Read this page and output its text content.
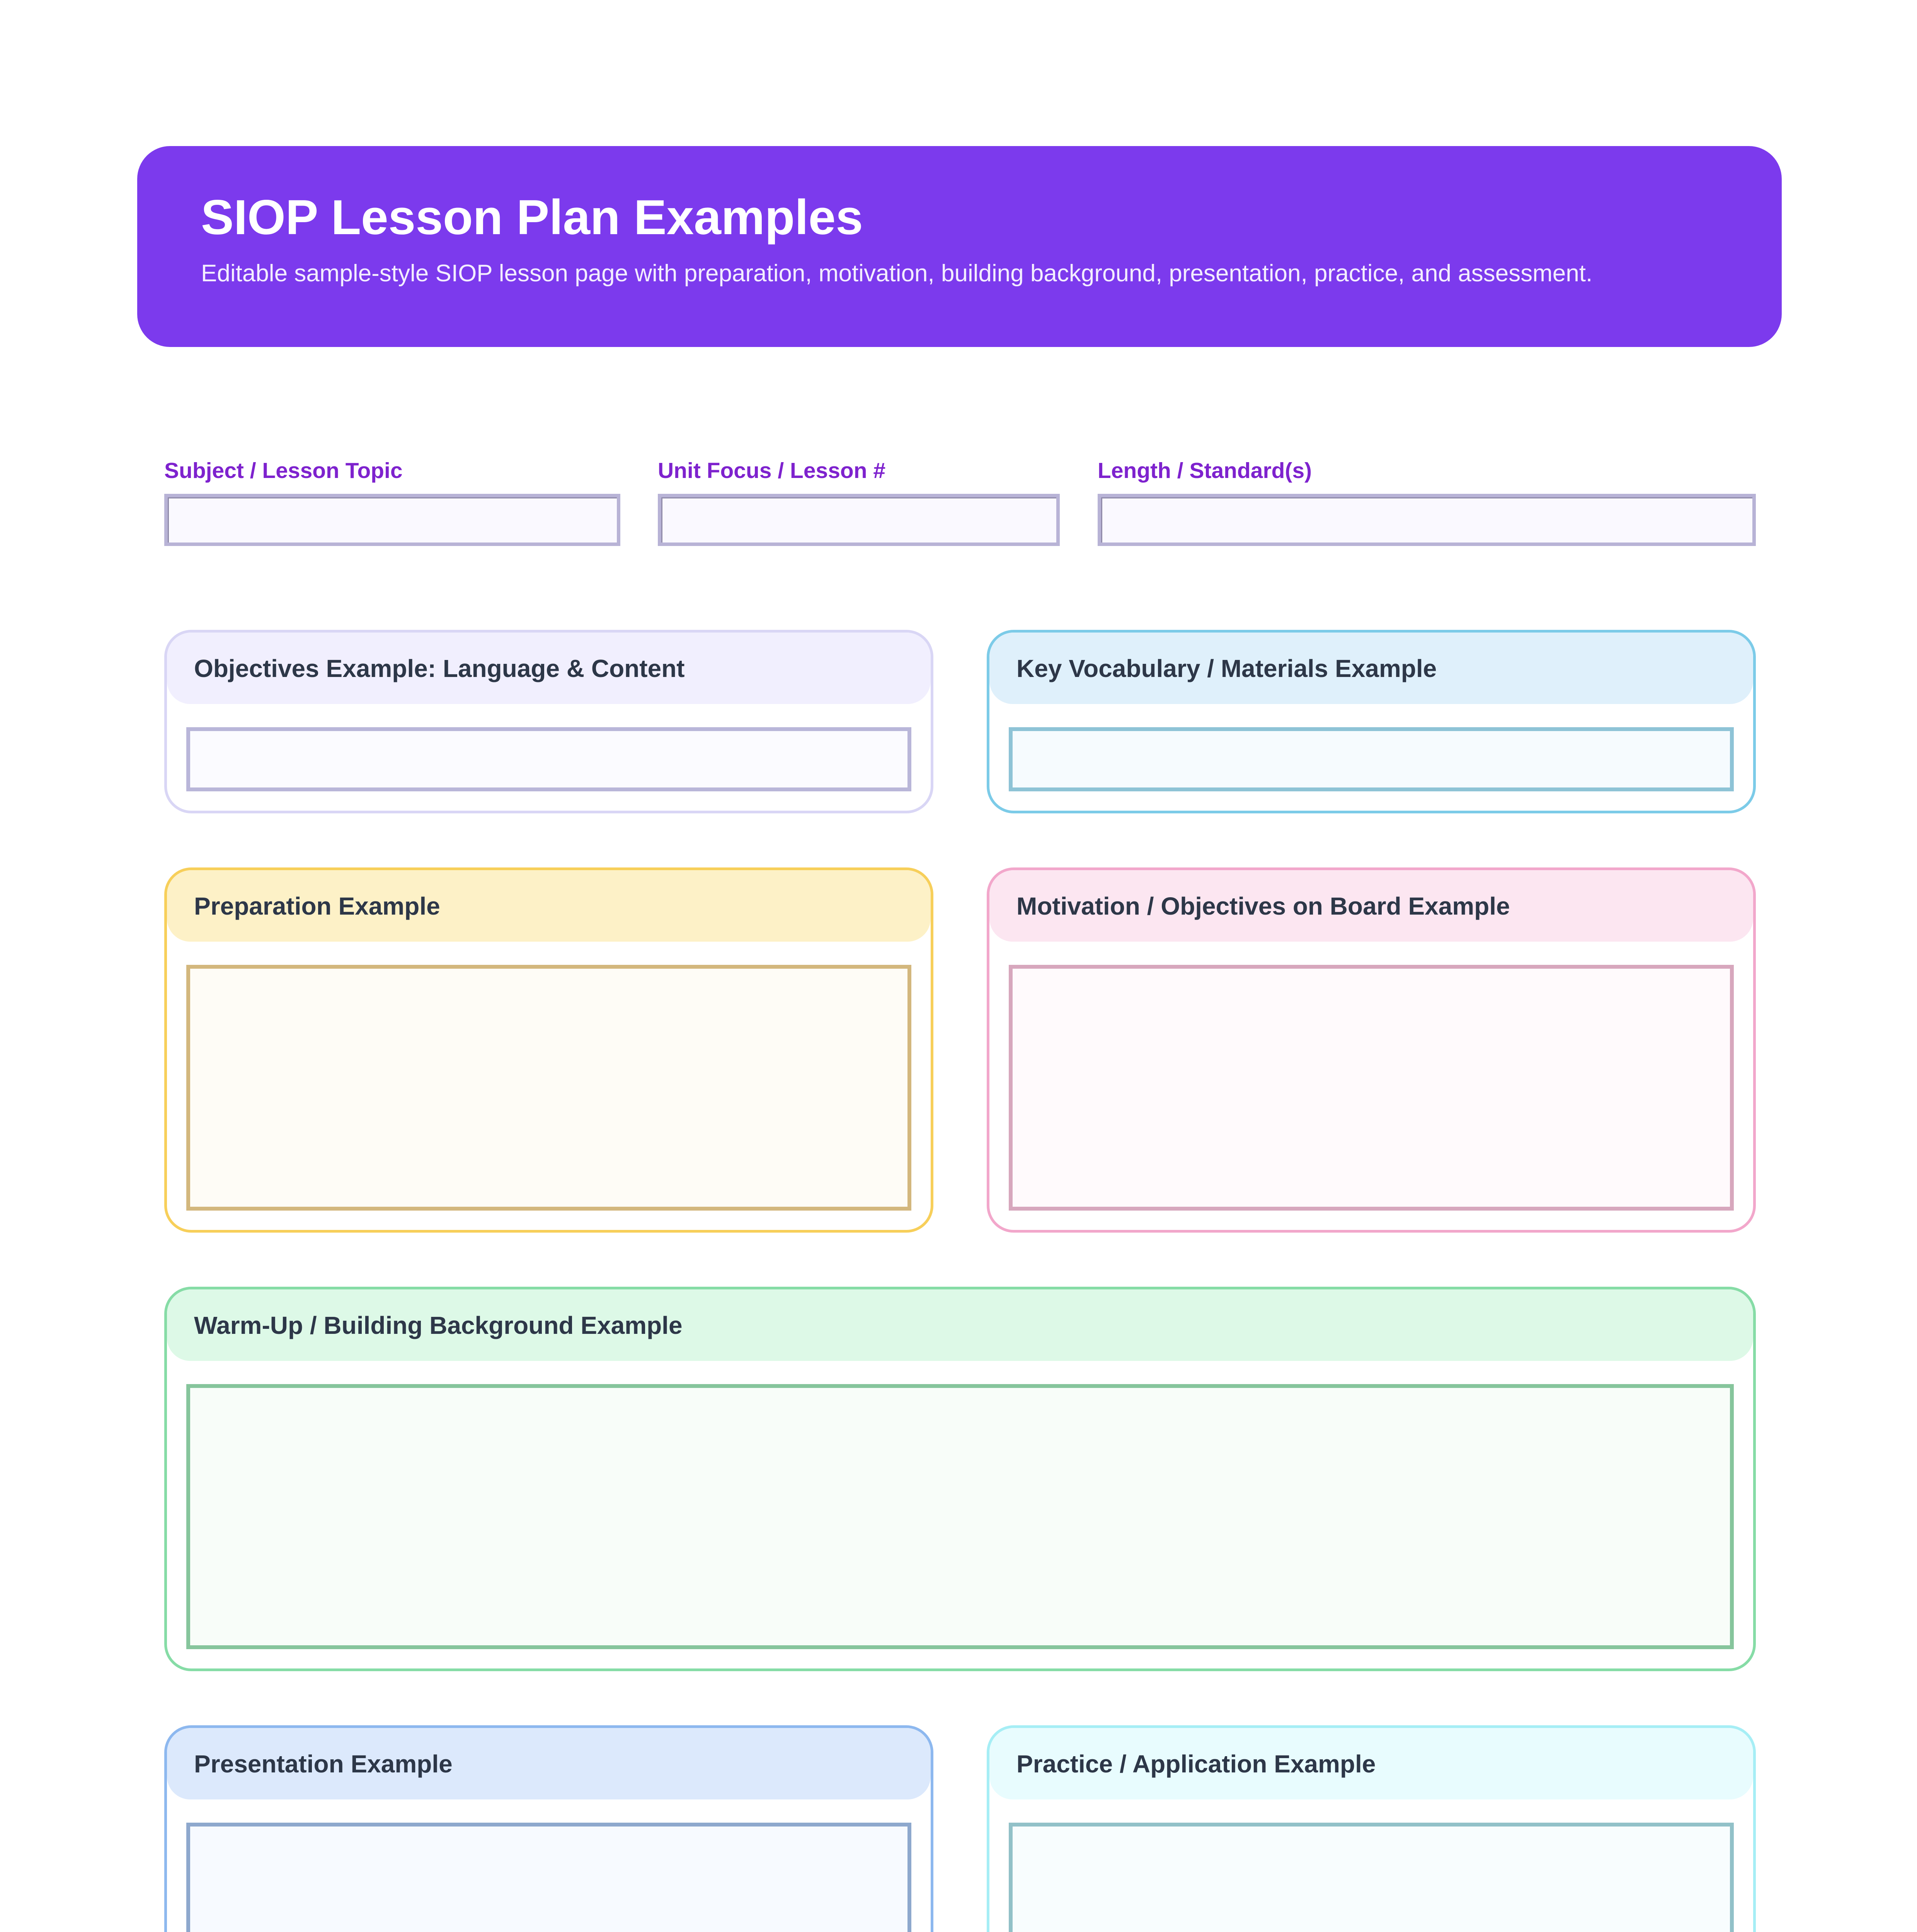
SIOP Lesson Plan Examples

Editable sample-style SIOP lesson page with preparation, motivation, building background, presentation, practice, and assessment.

Subject / Lesson Topic	Unit Focus / Lesson #	Length / Standard(s)
Objectives Example: Language & Content	Key Vocabulary / Materials Example
Preparation Example	Motivation / Objectives on Board Example
Warm-Up / Building Background Example
Presentation Example	Practice / Application Example
